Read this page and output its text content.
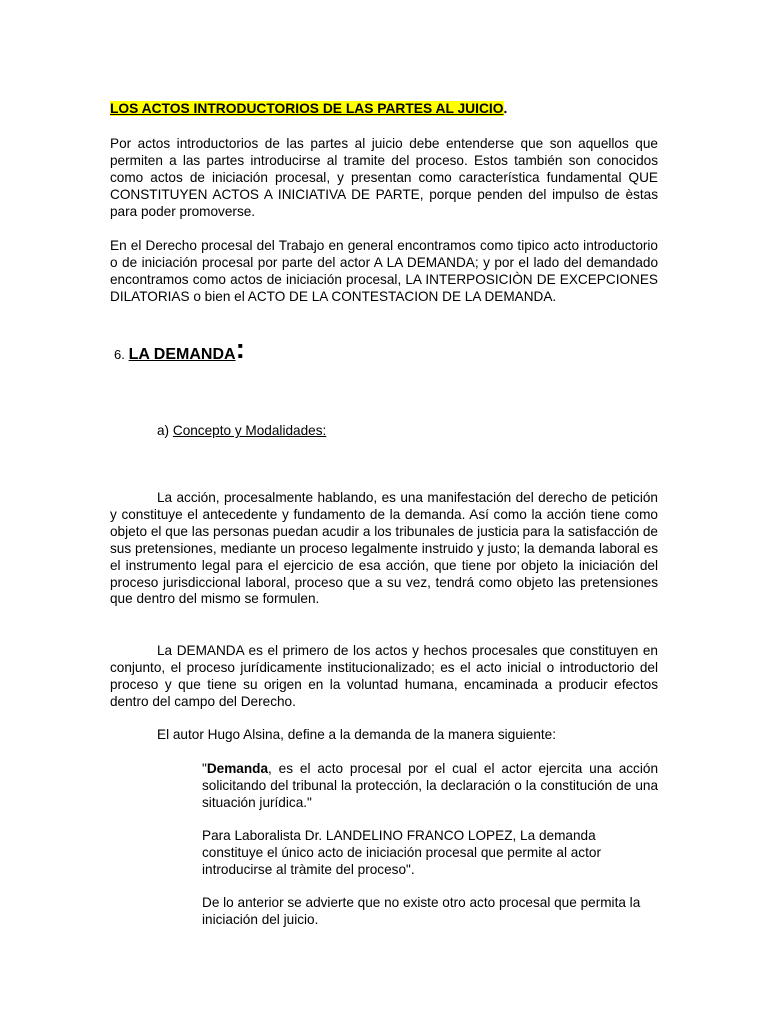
LOS ACTOS INTRODUCTORIOS DE LAS PARTES AL JUICIO.

Por actos introductorios de las partes al juicio debe entenderse que son aquellos que permiten a las partes introducirse al tramite del proceso. Estos también son conocidos como actos de iniciación procesal, y presentan como característica fundamental QUE CONSTITUYEN ACTOS A INICIATIVA DE PARTE, porque penden del impulso de èstas para poder promoverse.

En el Derecho procesal del Trabajo en general encontramos como tipico acto introductorio o de iniciación procesal por parte del actor A LA DEMANDA; y por el lado del demandado encontramos como actos de iniciación procesal, LA INTERPOSICIÒN DE EXCEPCIONES DILATORIAS o bien el ACTO DE LA CONTESTACION DE LA DEMANDA.

6. LA DEMANDA:

a) Concepto y Modalidades:

La acción, procesalmente hablando, es una manifestación del derecho de petición y constituye el antecedente y fundamento de la demanda. Así como la acción tiene como objeto el que las personas puedan acudir a los tribunales de justicia para la satisfacción de sus pretensiones, mediante un proceso legalmente instruido y justo; la demanda laboral es el instrumento legal para el ejercicio de esa acción, que tiene por objeto la iniciación del proceso jurisdiccional laboral, proceso que a su vez, tendrá como objeto las pretensiones que dentro del mismo se formulen.

La DEMANDA es el primero de los actos y hechos procesales que constituyen en conjunto, el proceso jurídicamente institucionalizado; es el acto inicial o introductorio del proceso y que tiene su origen en la voluntad humana, encaminada a producir efectos dentro del campo del Derecho.

El autor Hugo Alsina, define a la demanda de la manera siguiente:

"Demanda, es el acto procesal por el cual el actor ejercita una acción solicitando del tribunal la protección, la declaración o la constitución de una situación jurídica."

Para Laboralista Dr. LANDELINO FRANCO LOPEZ, La demanda constituye el único acto de iniciación procesal que permite al actor introducirse al tràmite del proceso".

De lo anterior se advierte que no existe otro acto procesal que permita la iniciación del juicio.
